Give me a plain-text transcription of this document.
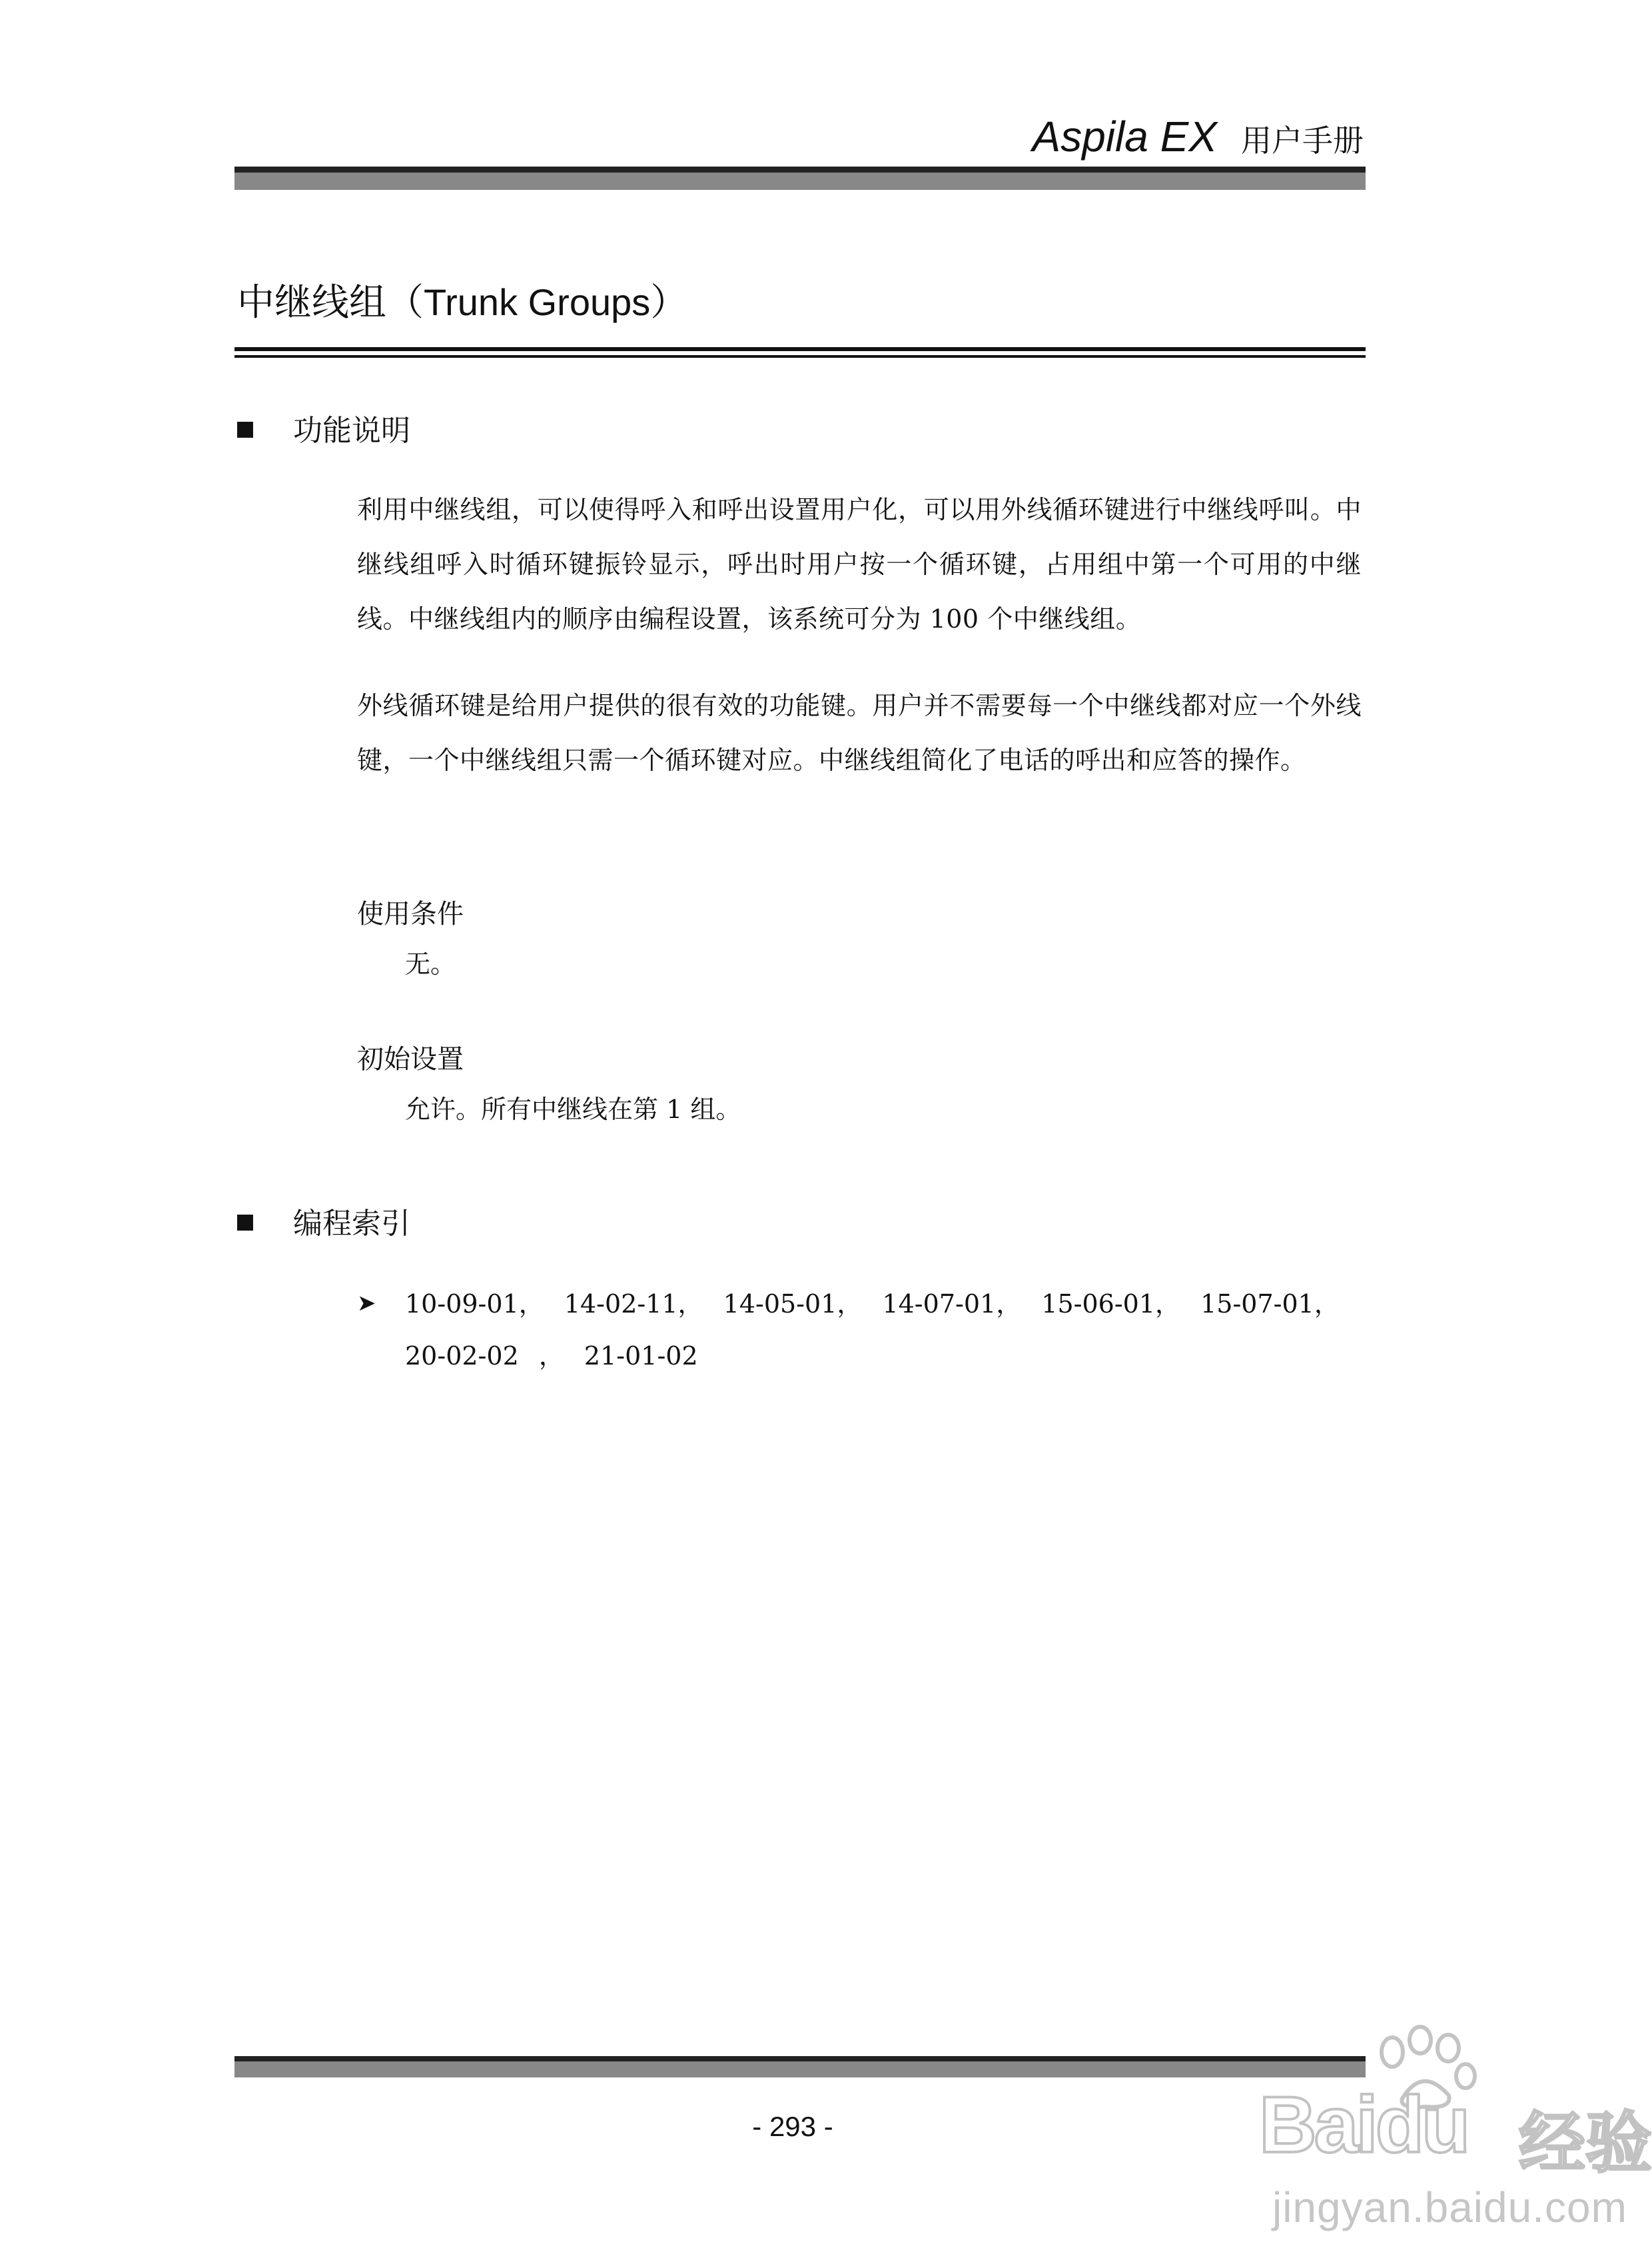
Aspila EX 用户手册
中继线组（Trunk Groups）
功能说明
利用中继线组，可以使得呼入和呼出设置用户化，可以用外线循环键进行中继线呼叫。中继线组呼入时循环键振铃显示，呼出时用户按一个循环键，占用组中第一个可用的中继线。中继线组内的顺序由编程设置，该系统可分为 100 个中继线组。
外线循环键是给用户提供的很有效的功能键。用户并不需要每一个中继线都对应一个外线键，一个中继线组只需一个循环键对应。中继线组简化了电话的呼出和应答的操作。
使用条件
无。
初始设置
允许。所有中继线在第 1 组。
编程索引
➤ 10-09-01， 14-02-11， 14-05-01， 14-07-01， 15-06-01， 15-07-01， 20-02-02 ， 21-01-02
- 293 -	Baidu 经验
jingyan.baidu.com
